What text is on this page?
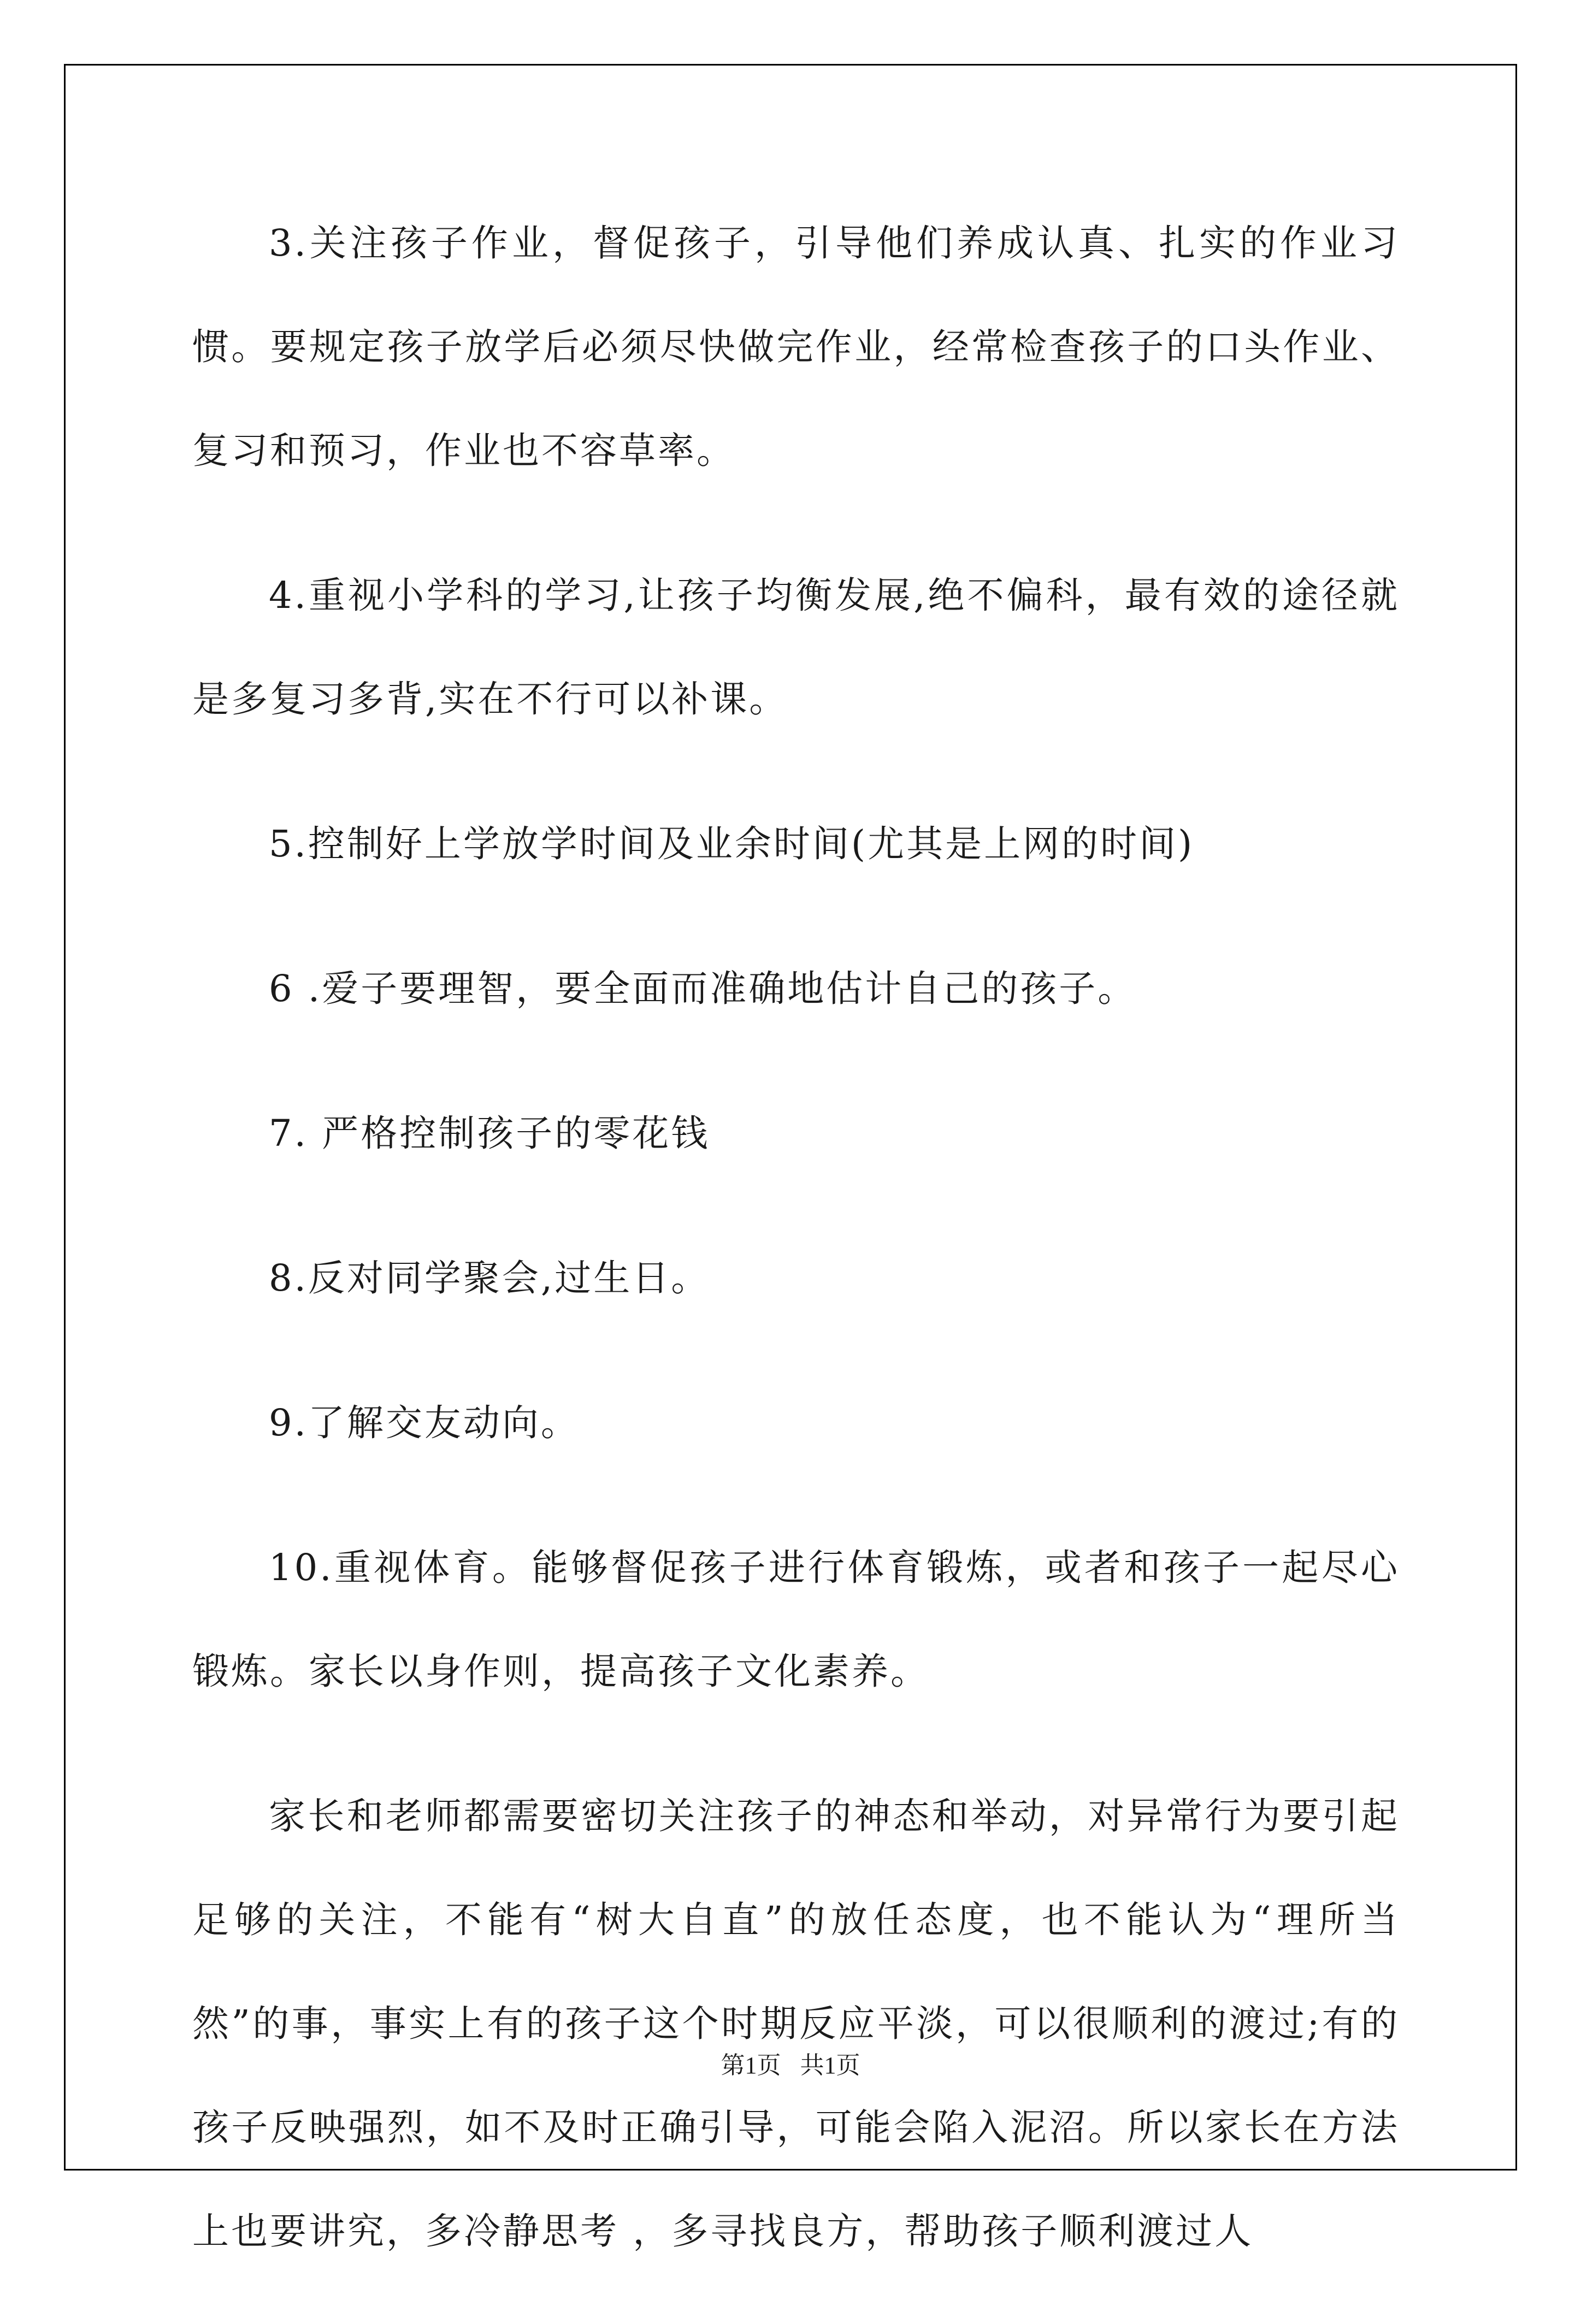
3.关注孩子作业，督促孩子，引导他们养成认真、扎实的作业习惯。要规定孩子放学后必须尽快做完作业，经常检查孩子的口头作业、复习和预习，作业也不容草率。

4.重视小学科的学习,让孩子均衡发展,绝不偏科，最有效的途径就是多复习多背,实在不行可以补课。

5.控制好上学放学时间及业余时间(尤其是上网的时间)

6 .爱子要理智，要全面而准确地估计自己的孩子。

7. 严格控制孩子的零花钱

8.反对同学聚会,过生日。

9.了解交友动向。

10.重视体育。能够督促孩子进行体育锻炼，或者和孩子一起尽心锻炼。家长以身作则，提高孩子文化素养。

家长和老师都需要密切关注孩子的神态和举动，对异常行为要引起足够的关注，不能有“树大自直”的放任态度，也不能认为“理所当然”的事，事实上有的孩子这个时期反应平淡，可以很顺利的渡过;有的孩子反映强烈，如不及时正确引导，可能会陷入泥沼。所以家长在方法上也要讲究，多冷静思考 ，多寻找良方，帮助孩子顺利渡过人

第1页 共1页
